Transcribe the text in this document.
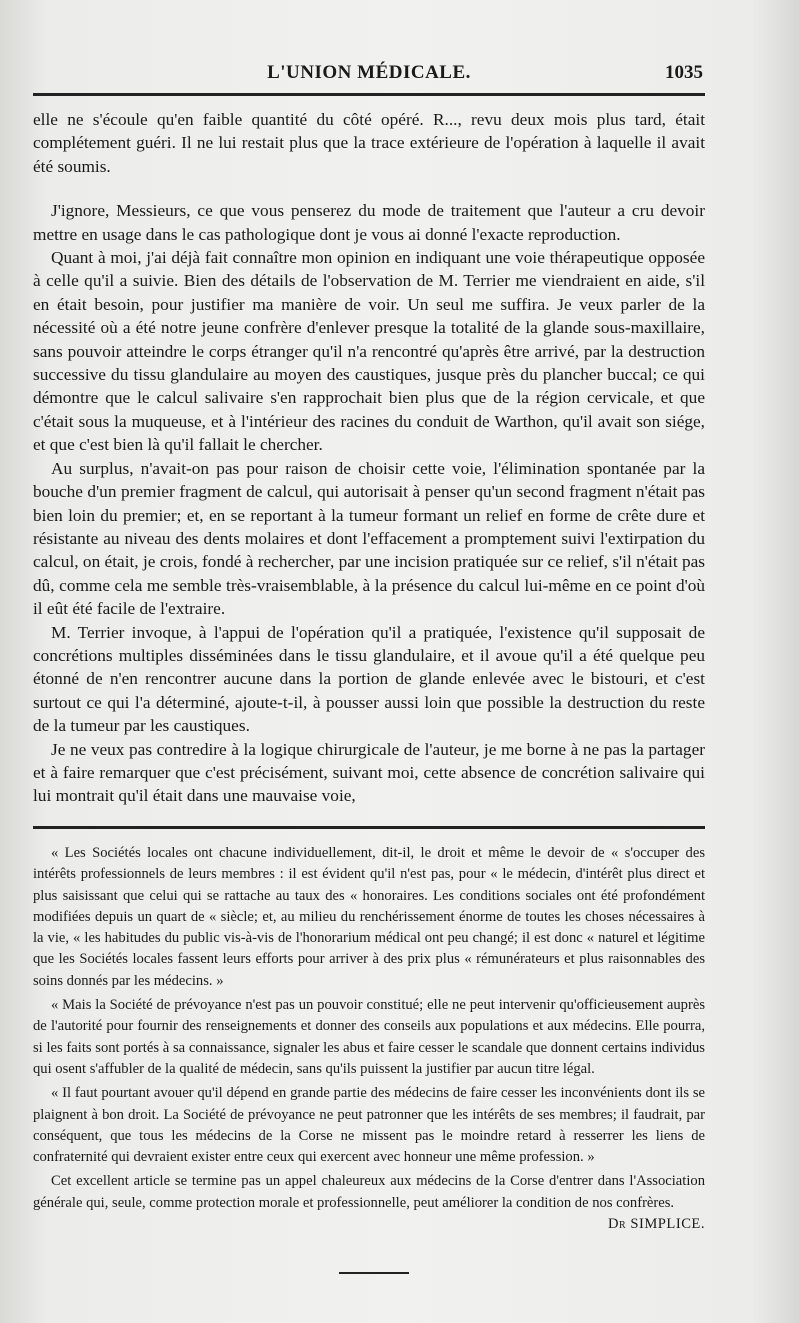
L'UNION MÉDICALE.	1035

elle ne s'écoule qu'en faible quantité du côté opéré. R..., revu deux mois plus tard, était complétement guéri. Il ne lui restait plus que la trace extérieure de l'opération à laquelle il avait été soumis.

J'ignore, Messieurs, ce que vous penserez du mode de traitement que l'auteur a cru devoir mettre en usage dans le cas pathologique dont je vous ai donné l'exacte reproduction.

Quant à moi, j'ai déjà fait connaître mon opinion en indiquant une voie thérapeutique opposée à celle qu'il a suivie. Bien des détails de l'observation de M. Terrier me viendraient en aide, s'il en était besoin, pour justifier ma manière de voir. Un seul me suffira. Je veux parler de la nécessité où a été notre jeune confrère d'enlever presque la totalité de la glande sous-maxillaire, sans pouvoir atteindre le corps étranger qu'il n'a rencontré qu'après être arrivé, par la destruction successive du tissu glandulaire au moyen des caustiques, jusque près du plancher buccal; ce qui démontre que le calcul salivaire s'en rapprochait bien plus que de la région cervicale, et que c'était sous la muqueuse, et à l'intérieur des racines du conduit de Warthon, qu'il avait son siége, et que c'est bien là qu'il fallait le chercher.

Au surplus, n'avait-on pas pour raison de choisir cette voie, l'élimination spontanée par la bouche d'un premier fragment de calcul, qui autorisait à penser qu'un second fragment n'était pas bien loin du premier; et, en se reportant à la tumeur formant un relief en forme de crête dure et résistante au niveau des dents molaires et dont l'effacement a promptement suivi l'extirpation du calcul, on était, je crois, fondé à rechercher, par une incision pratiquée sur ce relief, s'il n'était pas dû, comme cela me semble très-vraisemblable, à la présence du calcul lui-même en ce point d'où il eût été facile de l'extraire.

M. Terrier invoque, à l'appui de l'opération qu'il a pratiquée, l'existence qu'il supposait de concrétions multiples disséminées dans le tissu glandulaire, et il avoue qu'il a été quelque peu étonné de n'en rencontrer aucune dans la portion de glande enlevée avec le bistouri, et c'est surtout ce qui l'a déterminé, ajoute-t-il, à pousser aussi loin que possible la destruction du reste de la tumeur par les caustiques.

Je ne veux pas contredire à la logique chirurgicale de l'auteur, je me borne à ne pas la partager et à faire remarquer que c'est précisément, suivant moi, cette absence de concrétion salivaire qui lui montrait qu'il était dans une mauvaise voie,

« Les Sociétés locales ont chacune individuellement, dit-il, le droit et même le devoir de « s'occuper des intérêts professionnels de leurs membres : il est évident qu'il n'est pas, pour « le médecin, d'intérêt plus direct et plus saisissant que celui qui se rattache au taux des « honoraires. Les conditions sociales ont été profondément modifiées depuis un quart de « siècle; et, au milieu du renchérissement énorme de toutes les choses nécessaires à la vie, « les habitudes du public vis-à-vis de l'honorarium médical ont peu changé; il est donc « naturel et légitime que les Sociétés locales fassent leurs efforts pour arriver à des prix plus « rémunérateurs et plus raisonnables des soins donnés par les médecins. »

« Mais la Société de prévoyance n'est pas un pouvoir constitué; elle ne peut intervenir qu'officieusement auprès de l'autorité pour fournir des renseignements et donner des conseils aux populations et aux médecins. Elle pourra, si les faits sont portés à sa connaissance, signaler les abus et faire cesser le scandale que donnent certains individus qui osent s'affubler de la qualité de médecin, sans qu'ils puissent la justifier par aucun titre légal.

« Il faut pourtant avouer qu'il dépend en grande partie des médecins de faire cesser les inconvénients dont ils se plaignent à bon droit. La Société de prévoyance ne peut patronner que les intérêts de ses membres; il faudrait, par conséquent, que tous les médecins de la Corse ne missent pas le moindre retard à resserrer les liens de confraternité qui devraient exister entre ceux qui exercent avec honneur une même profession. »

Cet excellent article se termine pas un appel chaleureux aux médecins de la Corse d'entrer dans l'Association générale qui, seule, comme protection morale et professionnelle, peut améliorer la condition de nos confrères.

Dr SIMPLICE.
